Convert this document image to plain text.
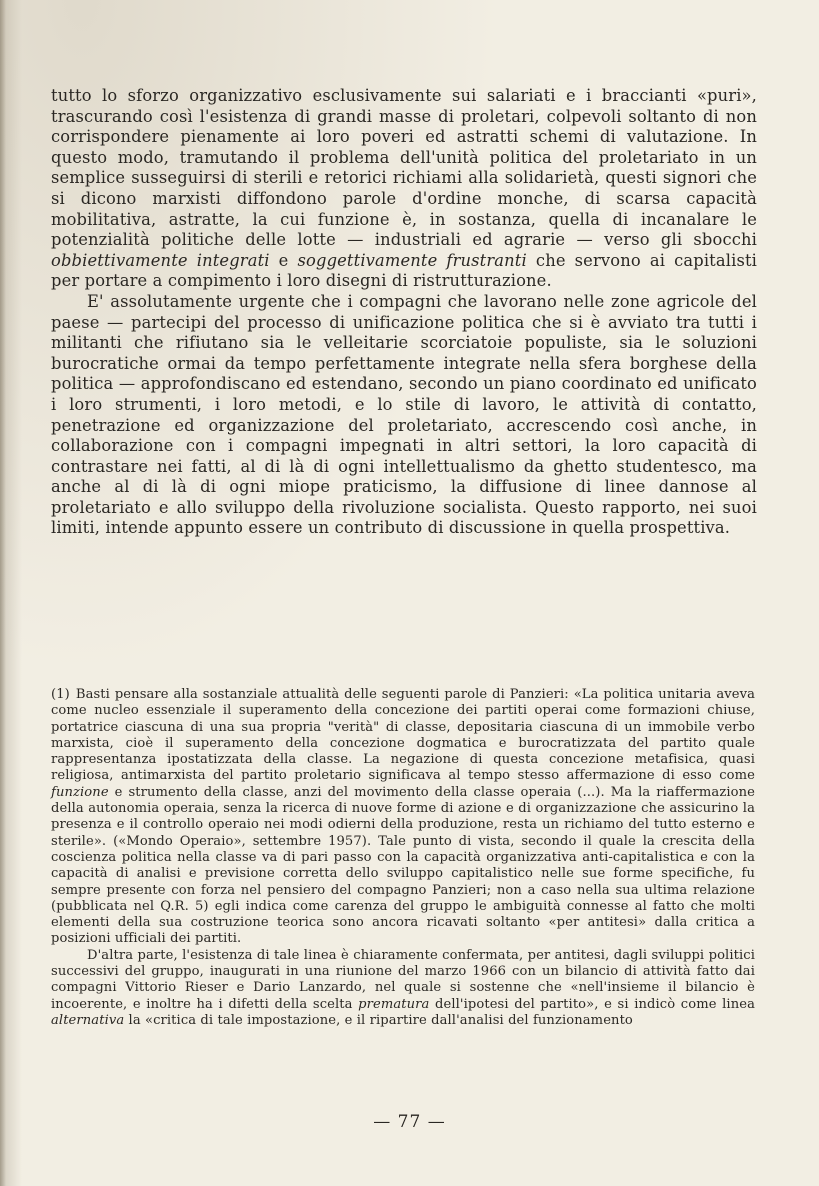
tutto lo sforzo organizzativo esclusivamente sui salariati e i braccianti «puri», trascurando così l'esistenza di grandi masse di proletari, colpevoli soltanto di non corrispondere pienamente ai loro poveri ed astratti schemi di valutazione. In questo modo, tramutando il problema dell'unità politica del proletariato in un semplice susseguirsi di sterili e retorici richiami alla solidarietà, questi signori che si dicono marxisti diffondono parole d'ordine monche, di scarsa capacità mobilitativa, astratte, la cui funzione è, in sostanza, quella di incanalare le potenzialità politiche delle lotte — industriali ed agrarie — verso gli sbocchi obbiettivamente integrati e soggettivamente frustranti che servono ai capitalisti per portare a compimento i loro disegni di ristrutturazione.

E' assolutamente urgente che i compagni che lavorano nelle zone agricole del paese — partecipi del processo di unificazione politica che si è avviato tra tutti i militanti che rifiutano sia le velleitarie scorciatoie populiste, sia le soluzioni burocratiche ormai da tempo perfettamente integrate nella sfera borghese della politica — approfondiscano ed estendano, secondo un piano coordinato ed unificato i loro strumenti, i loro metodi, e lo stile di lavoro, le attività di contatto, penetrazione ed organizzazione del proletariato, accrescendo così anche, in collaborazione con i compagni impegnati in altri settori, la loro capacità di contrastare nei fatti, al di là di ogni intellettualismo da ghetto studentesco, ma anche al di là di ogni miope praticismo, la diffusione di linee dannose al proletariato e allo sviluppo della rivoluzione socialista. Questo rapporto, nei suoi limiti, intende appunto essere un contributo di discussione in quella prospettiva.

(1) Basti pensare alla sostanziale attualità delle seguenti parole di Panzieri: «La politica unitaria aveva come nucleo essenziale il superamento della concezione dei partiti operai come formazioni chiuse, portatrice ciascuna di una sua propria "verità" di classe, depositaria ciascuna di un immobile verbo marxista, cioè il superamento della concezione dogmatica e burocratizzata del partito quale rappresentanza ipostatizzata della classe. La negazione di questa concezione metafisica, quasi religiosa, antimarxista del partito proletario significava al tempo stesso affermazione di esso come funzione e strumento della classe, anzi del movimento della classe operaia (...). Ma la riaffermazione della autonomia operaia, senza la ricerca di nuove forme di azione e di organizzazione che assicurino la presenza e il controllo operaio nei modi odierni della produzione, resta un richiamo del tutto esterno e sterile». («Mondo Operaio», settembre 1957). Tale punto di vista, secondo il quale la crescita della coscienza politica nella classe va di pari passo con la capacità organizzativa anti-capitalistica e con la capacità di analisi e previsione corretta dello sviluppo capitalistico nelle sue forme specifiche, fu sempre presente con forza nel pensiero del compagno Panzieri; non a caso nella sua ultima relazione (pubblicata nel Q.R. 5) egli indica come carenza del gruppo le ambiguità connesse al fatto che molti elementi della sua costruzione teorica sono ancora ricavati soltanto «per antitesi» dalla critica a posizioni ufficiali dei partiti.

D'altra parte, l'esistenza di tale linea è chiaramente confermata, per antitesi, dagli sviluppi politici successivi del gruppo, inaugurati in una riunione del marzo 1966 con un bilancio di attività fatto dai compagni Vittorio Rieser e Dario Lanzardo, nel quale si sostenne che «nell'insieme il bilancio è incoerente, e inoltre ha i difetti della scelta prematura dell'ipotesi del partito», e si indicò come linea alternativa la «critica di tale impostazione, e il ripartire dall'analisi del funzionamento

— 77 —
